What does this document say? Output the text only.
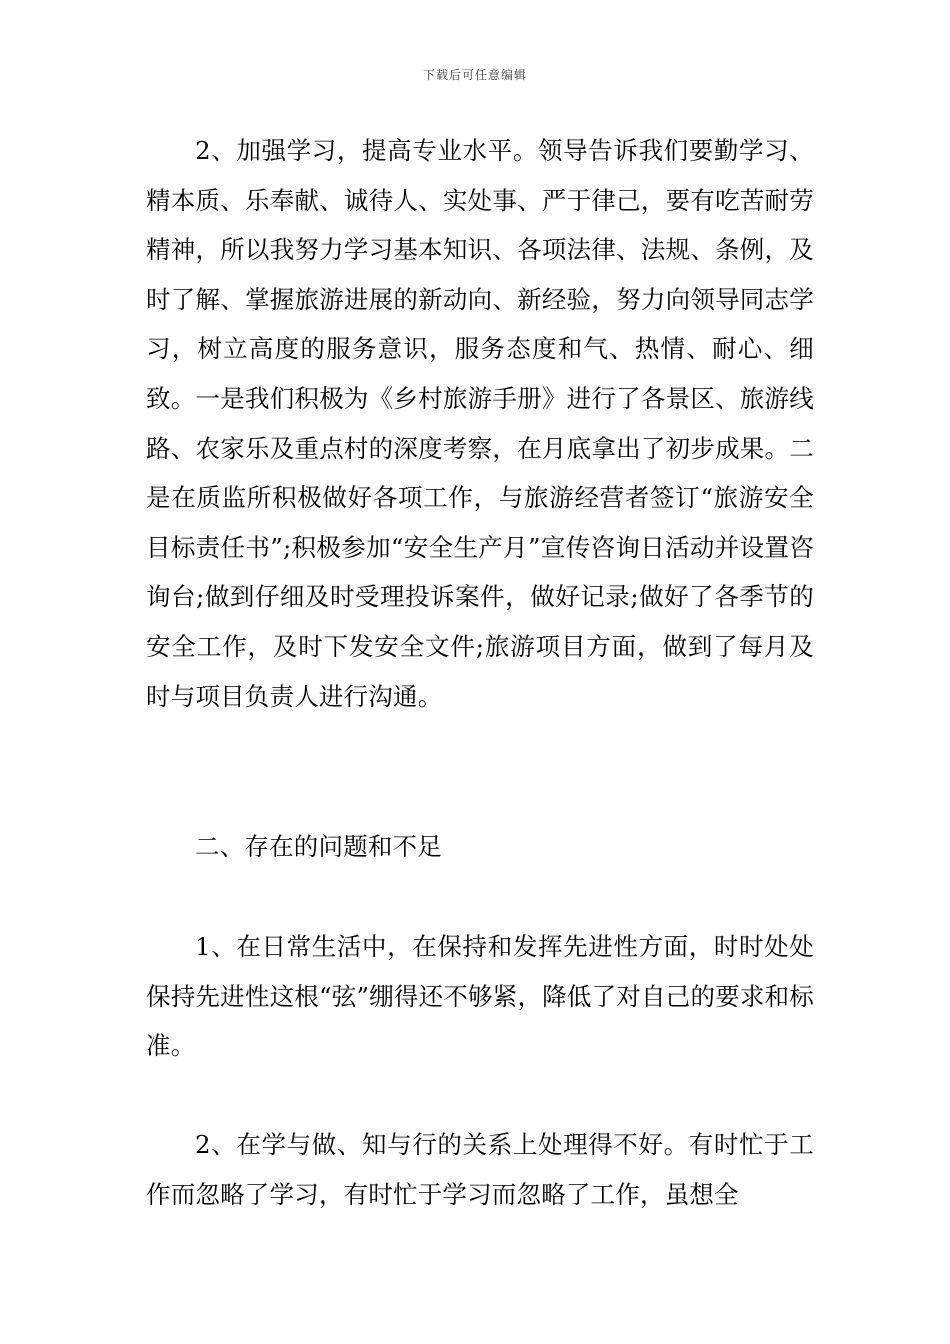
下载后可任意编辑

2、加强学习，提高专业水平。领导告诉我们要勤学习、精本质、乐奉献、诚待人、实处事、严于律己，要有吃苦耐劳精神，所以我努力学习基本知识、各项法律、法规、条例，及时了解、掌握旅游进展的新动向、新经验，努力向领导同志学习，树立高度的服务意识，服务态度和气、热情、耐心、细致。一是我们积极为《乡村旅游手册》进行了各景区、旅游线路、农家乐及重点村的深度考察，在月底拿出了初步成果。二是在质监所积极做好各项工作，与旅游经营者签订“旅游安全目标责任书”;积极参加“安全生产月”宣传咨询日活动并设置咨询台;做到仔细及时受理投诉案件，做好记录;做好了各季节的安全工作，及时下发安全文件;旅游项目方面，做到了每月及时与项目负责人进行沟通。

二、存在的问题和不足

1、在日常生活中，在保持和发挥先进性方面，时时处处保持先进性这根“弦”绷得还不够紧，降低了对自己的要求和标准。

2、在学与做、知与行的关系上处理得不好。有时忙于工作而忽略了学习，有时忙于学习而忽略了工作，虽想全
